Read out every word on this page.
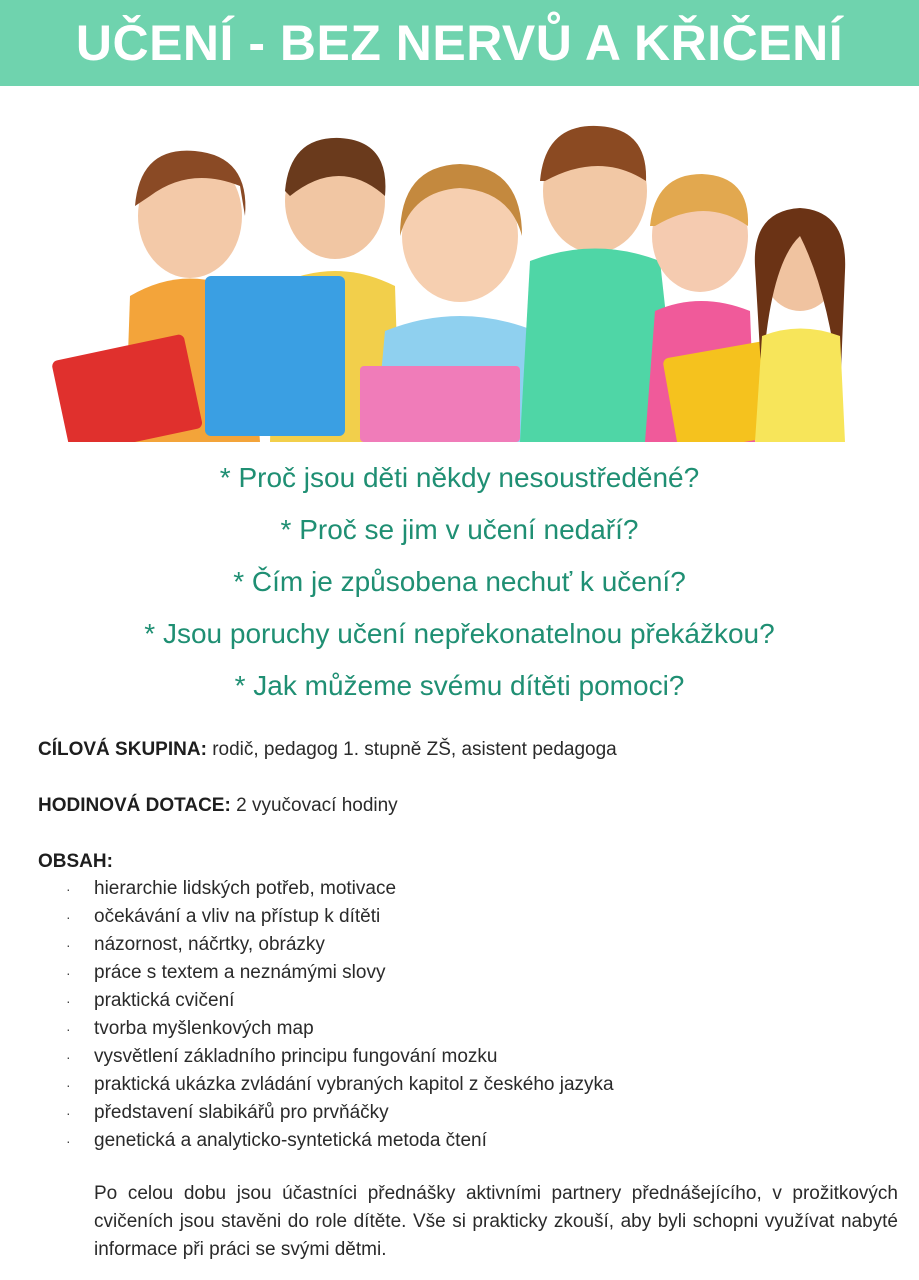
UČENÍ - BEZ NERVŮ A KŘIČENÍ
* Proč jsou děti někdy nesoustředěné?
* Proč se jim v učení nedaří?
* Čím je způsobena nechuť k učení?
* Jsou poruchy učení nepřekonatelnou překážkou?
* Jak můžeme svému dítěti pomoci?
CÍLOVÁ SKUPINA: rodič, pedagog 1. stupně ZŠ, asistent pedagoga
HODINOVÁ DOTACE: 2 vyučovací hodiny
OBSAH:
· hierarchie lidských potřeb, motivace
· očekávání a vliv na přístup k dítěti
· názornost, náčrtky, obrázky
· práce s textem a neznámými slovy
· praktická cvičení
· tvorba myšlenkových map
· vysvětlení základního principu fungování mozku
· praktická ukázka zvládání vybraných kapitol z českého jazyka
· představení slabikářů pro prvňáčky
· genetická a analyticko-syntetická metoda čtení
Po celou dobu jsou účastníci přednášky aktivními partnery přednášejícího, v prožitkových cvičeních jsou stavěni do role dítěte. Vše si prakticky zkouší, aby byli schopni využívat nabyté informace při práci se svými dětmi.
